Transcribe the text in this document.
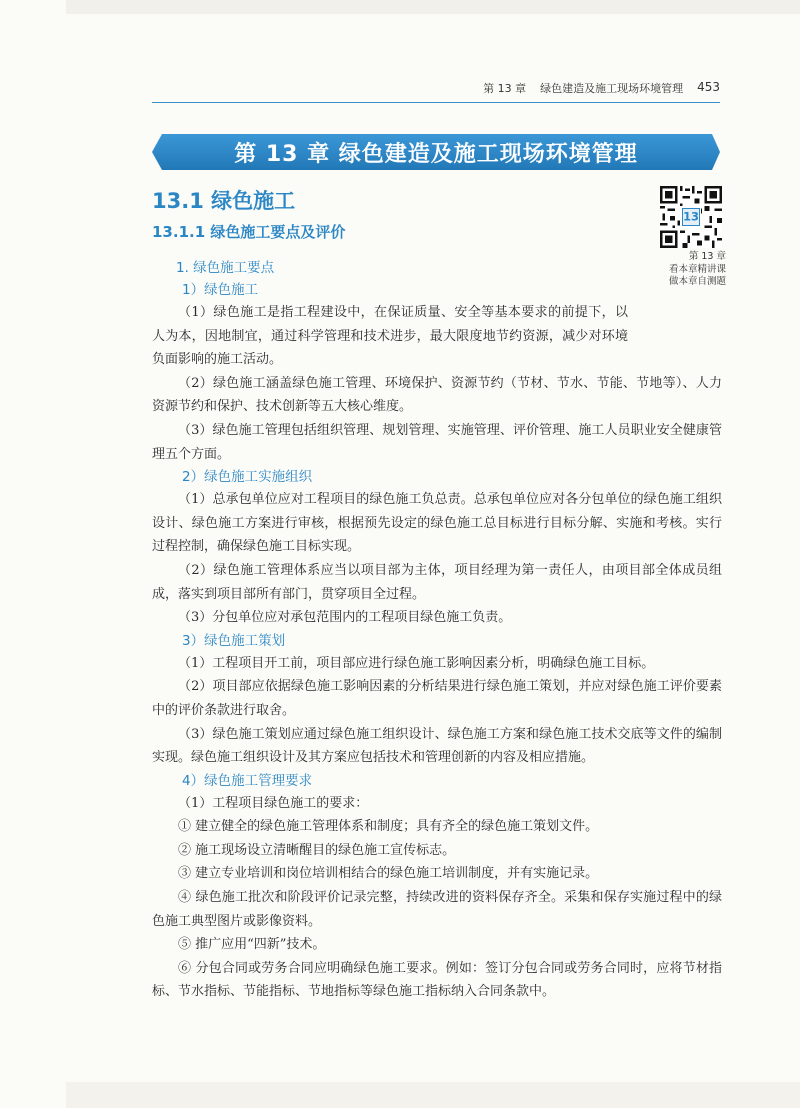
第 13 章 绿色建造及施工现场环境管理 453
第 13 章 绿色建造及施工现场环境管理
13.1 绿色施工
13.1.1 绿色施工要点及评价
13
第 13 章
看本章精讲课
做本章自测题

1. 绿色施工要点

1）绿色施工

（1）绿色施工是指工程建设中，在保证质量、安全等基本要求的前提下，以人为本，因地制宜，通过科学管理和技术进步，最大限度地节约资源，减少对环境负面影响的施工活动。

（2）绿色施工涵盖绿色施工管理、环境保护、资源节约（节材、节水、节能、节地等）、人力资源节约和保护、技术创新等五大核心维度。

（3）绿色施工管理包括组织管理、规划管理、实施管理、评价管理、施工人员职业安全健康管理五个方面。

2）绿色施工实施组织

（1）总承包单位应对工程项目的绿色施工负总责。总承包单位应对各分包单位的绿色施工组织设计、绿色施工方案进行审核，根据预先设定的绿色施工总目标进行目标分解、实施和考核。实行过程控制，确保绿色施工目标实现。

（2）绿色施工管理体系应当以项目部为主体，项目经理为第一责任人，由项目部全体成员组成，落实到项目部所有部门，贯穿项目全过程。

（3）分包单位应对承包范围内的工程项目绿色施工负责。

3）绿色施工策划

（1）工程项目开工前，项目部应进行绿色施工影响因素分析，明确绿色施工目标。

（2）项目部应依据绿色施工影响因素的分析结果进行绿色施工策划，并应对绿色施工评价要素中的评价条款进行取舍。

（3）绿色施工策划应通过绿色施工组织设计、绿色施工方案和绿色施工技术交底等文件的编制实现。绿色施工组织设计及其方案应包括技术和管理创新的内容及相应措施。

4）绿色施工管理要求

（1）工程项目绿色施工的要求：

① 建立健全的绿色施工管理体系和制度；具有齐全的绿色施工策划文件。

② 施工现场设立清晰醒目的绿色施工宣传标志。

③ 建立专业培训和岗位培训相结合的绿色施工培训制度，并有实施记录。

④ 绿色施工批次和阶段评价记录完整，持续改进的资料保存齐全。采集和保存实施过程中的绿色施工典型图片或影像资料。

⑤ 推广应用“四新”技术。

⑥ 分包合同或劳务合同应明确绿色施工要求。例如：签订分包合同或劳务合同时，应将节材指标、节水指标、节能指标、节地指标等绿色施工指标纳入合同条款中。
